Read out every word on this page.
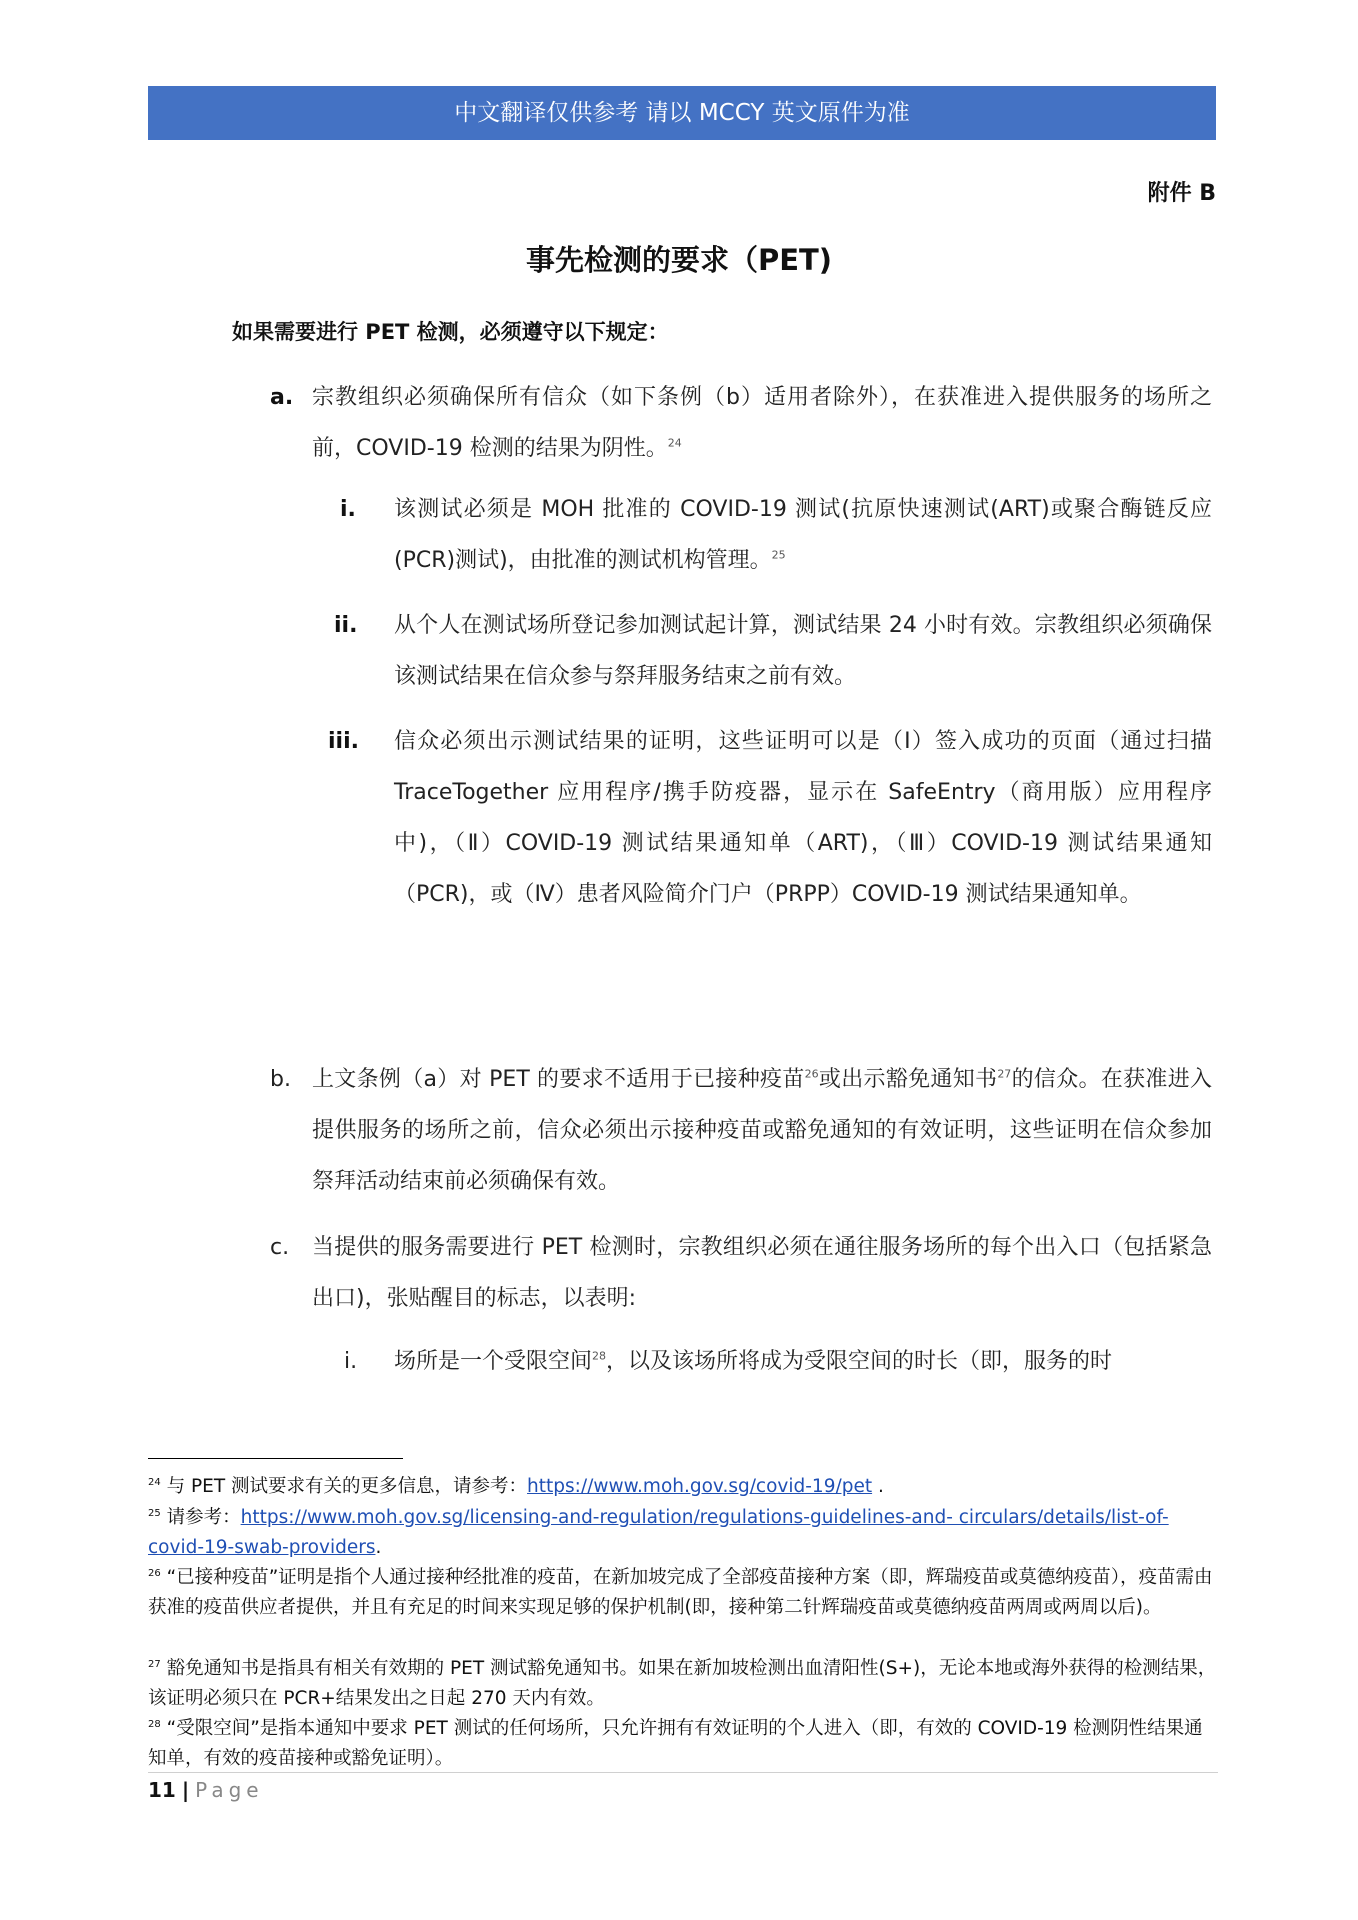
中文翻译仅供参考 请以 MCCY 英文原件为准
附件 B
事先检测的要求（PET)
如果需要进行 PET 检测，必须遵守以下规定：
a. 宗教组织必须确保所有信众（如下条例（b）适用者除外），在获准进入提供服务的场所之前，COVID-19 检测的结果为阴性。$^{24}$
i.	该测试必须是 MOH 批准的 COVID-19 测试(抗原快速测试(ART)或聚合酶链反应(PCR)测试)，由批准的测试机构管理。$^{25}$
ii.	从个人在测试场所登记参加测试起计算，测试结果 24 小时有效。宗教组织必须确保该测试结果在信众参与祭拜服务结束之前有效。
iii.	信众必须出示测试结果的证明，这些证明可以是（Ⅰ）签入成功的页面（通过扫描 TraceTogether 应用程序/携手防疫器，显示在 SafeEntry（商用版）应用程序中)，（Ⅱ）COVID-19 测试结果通知单（ART)，（Ⅲ）COVID-19 测试结果通知（PCR)，或（Ⅳ）患者风险简介门户（PRPP）COVID-19 测试结果通知单。
b. 上文条例（a）对 PET 的要求不适用于已接种疫苗$^{26}$或出示豁免通知书$^{27}$的信众。在获准进入提供服务的场所之前，信众必须出示接种疫苗或豁免通知的有效证明，这些证明在信众参加祭拜活动结束前必须确保有效。
c.	当提供的服务需要进行 PET 检测时，宗教组织必须在通往服务场所的每个出入口（包括紧急出口)，张贴醒目的标志，以表明:
i.	场所是一个受限空间$^{28}$，以及该场所将成为受限空间的时长（即，服务的时
$^{24}$ 与 PET 测试要求有关的更多信息，请参考：https://www.moh.gov.sg/covid-19/pet .
$^{25}$ 请参考：https://www.moh.gov.sg/licensing-and-regulation/regulations-guidelines-and- circulars/details/list-of-covid-19-swab-providers.
$^{26}$ “已接种疫苗”证明是指个人通过接种经批准的疫苗，在新加坡完成了全部疫苗接种方案（即，辉瑞疫苗或莫德纳疫苗），疫苗需由获准的疫苗供应者提供，并且有充足的时间来实现足够的保护机制(即，接种第二针辉瑞疫苗或莫德纳疫苗两周或两周以后)。
$^{27}$ 豁免通知书是指具有相关有效期的 PET 测试豁免通知书。如果在新加坡检测出血清阳性(S+)，无论本地或海外获得的检测结果，该证明必须只在 PCR+结果发出之日起 270 天内有效。
$^{28}$ “受限空间”是指本通知中要求 PET 测试的任何场所，只允许拥有有效证明的个人进入（即，有效的 COVID-19 检测阴性结果通知单，有效的疫苗接种或豁免证明）。
11 | Page
